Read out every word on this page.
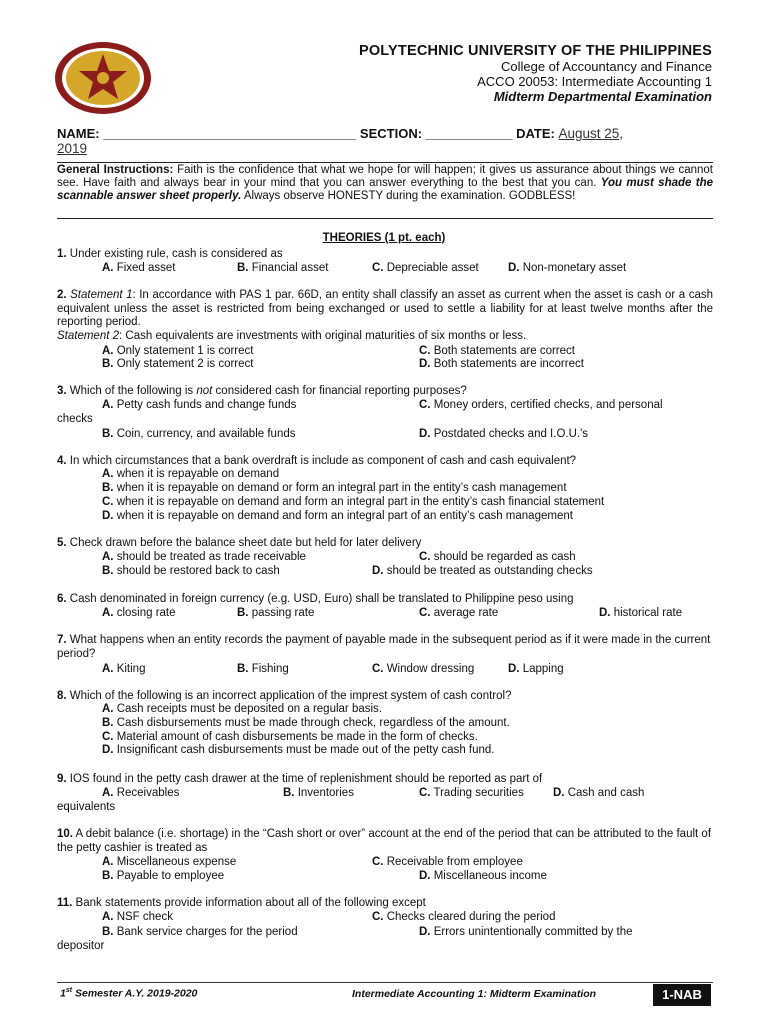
POLYTECHNIC UNIVERSITY OF THE PHILIPPINES
College of Accountancy and Finance
ACCO 20053: Intermediate Accounting 1
Midterm Departmental Examination
NAME: ___________________________________ SECTION: ____________ DATE: August 25,
2019
General Instructions: Faith is the confidence that what we hope for will happen; it gives us assurance about things we cannot see. Have faith and always bear in your mind that you can answer everything to the best that you can. You must shade the scannable answer sheet properly. Always observe HONESTY during the examination. GODBLESS!
THEORIES (1 pt. each)
1. Under existing rule, cash is considered as
A. Fixed asset	B. Financial asset	C. Depreciable asset	D. Non-monetary asset
2. Statement 1: In accordance with PAS 1 par. 66D, an entity shall classify an asset as current when the asset is cash or a cash equivalent unless the asset is restricted from being exchanged or used to settle a liability for at least twelve months after the reporting period.
Statement 2: Cash equivalents are investments with original maturities of six months or less.
A. Only statement 1 is correct	C. Both statements are correct
B. Only statement 2 is correct	D. Both statements are incorrect
3. Which of the following is not considered cash for financial reporting purposes?
A. Petty cash funds and change funds	C. Money orders, certified checks, and personal
checks
B. Coin, currency, and available funds	D. Postdated checks and I.O.U.'s
4. In which circumstances that a bank overdraft is include as component of cash and cash equivalent?
A. when it is repayable on demand
B. when it is repayable on demand or form an integral part in the entity’s cash management
C. when it is repayable on demand and form an integral part in the entity’s cash financial statement
D. when it is repayable on demand and form an integral part of an entity’s cash management
5. Check drawn before the balance sheet date but held for later delivery
A. should be treated as trade receivable	C. should be regarded as cash
B. should be restored back to cash	D. should be treated as outstanding checks
6. Cash denominated in foreign currency (e.g. USD, Euro) shall be translated to Philippine peso using
A. closing rate	B. passing rate	C. average rate	D. historical rate
7. What happens when an entity records the payment of payable made in the subsequent period as if it were made in the current period?
A. Kiting	B. Fishing	C. Window dressing	D. Lapping
8. Which of the following is an incorrect application of the imprest system of cash control?
A. Cash receipts must be deposited on a regular basis.
B. Cash disbursements must be made through check, regardless of the amount.
C. Material amount of cash disbursements be made in the form of checks.
D. Insignificant cash disbursements must be made out of the petty cash fund.
9. IOS found in the petty cash drawer at the time of replenishment should be reported as part of
A. Receivables	B. Inventories	C. Trading securities	D. Cash and cash
equivalents
10. A debit balance (i.e. shortage) in the “Cash short or over” account at the end of the period that can be attributed to the fault of the petty cashier is treated as
A. Miscellaneous expense	C. Receivable from employee
B. Payable to employee	D. Miscellaneous income
11. Bank statements provide information about all of the following except
A. NSF check	C. Checks cleared during the period
B. Bank service charges for the period	D. Errors unintentionally committed by the
depositor
1st Semester A.Y. 2019-2020	Intermediate Accounting 1: Midterm Examination	1-NAB
